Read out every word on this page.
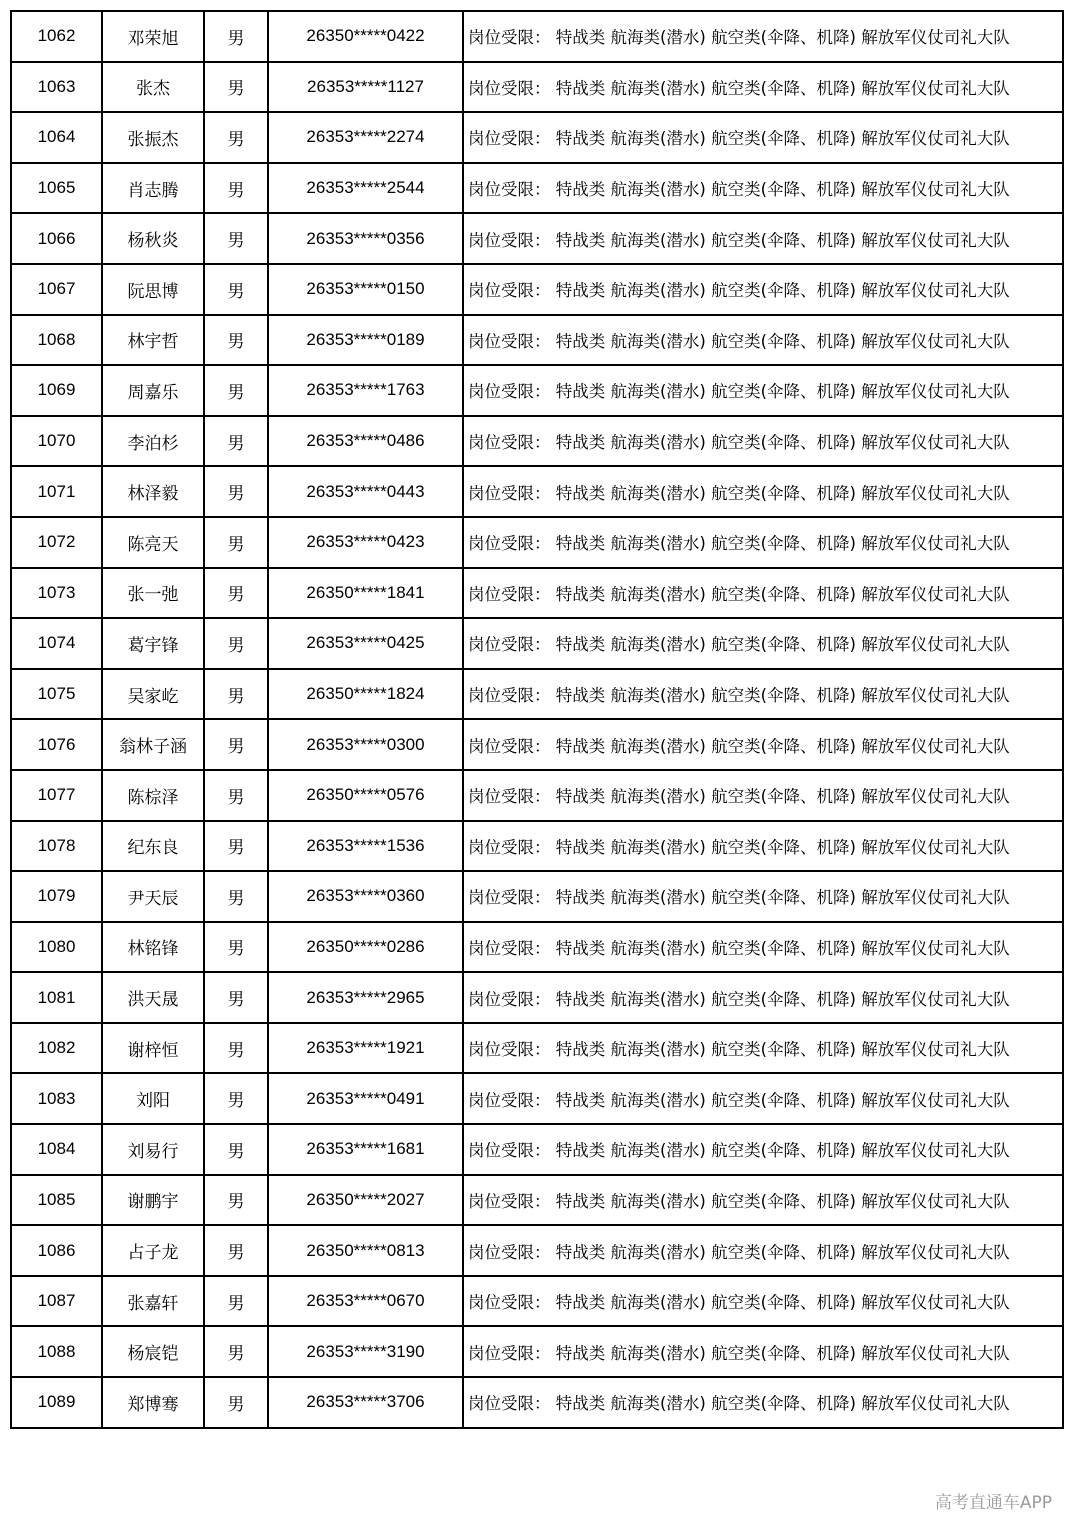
1062	邓荣旭	男	26350*****0422	岗位受限： 特战类 航海类(潜水) 航空类(伞降、机降) 解放军仪仗司礼大队
1063	张杰	男	26353*****1127	岗位受限： 特战类 航海类(潜水) 航空类(伞降、机降) 解放军仪仗司礼大队
1064	张振杰	男	26353*****2274	岗位受限： 特战类 航海类(潜水) 航空类(伞降、机降) 解放军仪仗司礼大队
1065	肖志腾	男	26353*****2544	岗位受限： 特战类 航海类(潜水) 航空类(伞降、机降) 解放军仪仗司礼大队
1066	杨秋炎	男	26353*****0356	岗位受限： 特战类 航海类(潜水) 航空类(伞降、机降) 解放军仪仗司礼大队
1067	阮思博	男	26353*****0150	岗位受限： 特战类 航海类(潜水) 航空类(伞降、机降) 解放军仪仗司礼大队
1068	林宇哲	男	26353*****0189	岗位受限： 特战类 航海类(潜水) 航空类(伞降、机降) 解放军仪仗司礼大队
1069	周嘉乐	男	26353*****1763	岗位受限： 特战类 航海类(潜水) 航空类(伞降、机降) 解放军仪仗司礼大队
1070	李泊杉	男	26353*****0486	岗位受限： 特战类 航海类(潜水) 航空类(伞降、机降) 解放军仪仗司礼大队
1071	林泽毅	男	26353*****0443	岗位受限： 特战类 航海类(潜水) 航空类(伞降、机降) 解放军仪仗司礼大队
1072	陈亮天	男	26353*****0423	岗位受限： 特战类 航海类(潜水) 航空类(伞降、机降) 解放军仪仗司礼大队
1073	张一弛	男	26350*****1841	岗位受限： 特战类 航海类(潜水) 航空类(伞降、机降) 解放军仪仗司礼大队
1074	葛宇锋	男	26353*****0425	岗位受限： 特战类 航海类(潜水) 航空类(伞降、机降) 解放军仪仗司礼大队
1075	吴家屹	男	26350*****1824	岗位受限： 特战类 航海类(潜水) 航空类(伞降、机降) 解放军仪仗司礼大队
1076	翁林子涵	男	26353*****0300	岗位受限： 特战类 航海类(潜水) 航空类(伞降、机降) 解放军仪仗司礼大队
1077	陈棕泽	男	26350*****0576	岗位受限： 特战类 航海类(潜水) 航空类(伞降、机降) 解放军仪仗司礼大队
1078	纪东良	男	26353*****1536	岗位受限： 特战类 航海类(潜水) 航空类(伞降、机降) 解放军仪仗司礼大队
1079	尹天辰	男	26353*****0360	岗位受限： 特战类 航海类(潜水) 航空类(伞降、机降) 解放军仪仗司礼大队
1080	林铭锋	男	26350*****0286	岗位受限： 特战类 航海类(潜水) 航空类(伞降、机降) 解放军仪仗司礼大队
1081	洪天晟	男	26353*****2965	岗位受限： 特战类 航海类(潜水) 航空类(伞降、机降) 解放军仪仗司礼大队
1082	谢梓恒	男	26353*****1921	岗位受限： 特战类 航海类(潜水) 航空类(伞降、机降) 解放军仪仗司礼大队
1083	刘阳	男	26353*****0491	岗位受限： 特战类 航海类(潜水) 航空类(伞降、机降) 解放军仪仗司礼大队
1084	刘易行	男	26353*****1681	岗位受限： 特战类 航海类(潜水) 航空类(伞降、机降) 解放军仪仗司礼大队
1085	谢鹏宇	男	26350*****2027	岗位受限： 特战类 航海类(潜水) 航空类(伞降、机降) 解放军仪仗司礼大队
1086	占子龙	男	26350*****0813	岗位受限： 特战类 航海类(潜水) 航空类(伞降、机降) 解放军仪仗司礼大队
1087	张嘉轩	男	26353*****0670	岗位受限： 特战类 航海类(潜水) 航空类(伞降、机降) 解放军仪仗司礼大队
1088	杨宸铠	男	26353*****3190	岗位受限： 特战类 航海类(潜水) 航空类(伞降、机降) 解放军仪仗司礼大队
1089	郑博骞	男	26353*****3706	岗位受限： 特战类 航海类(潜水) 航空类(伞降、机降) 解放军仪仗司礼大队
高考直通车APP
